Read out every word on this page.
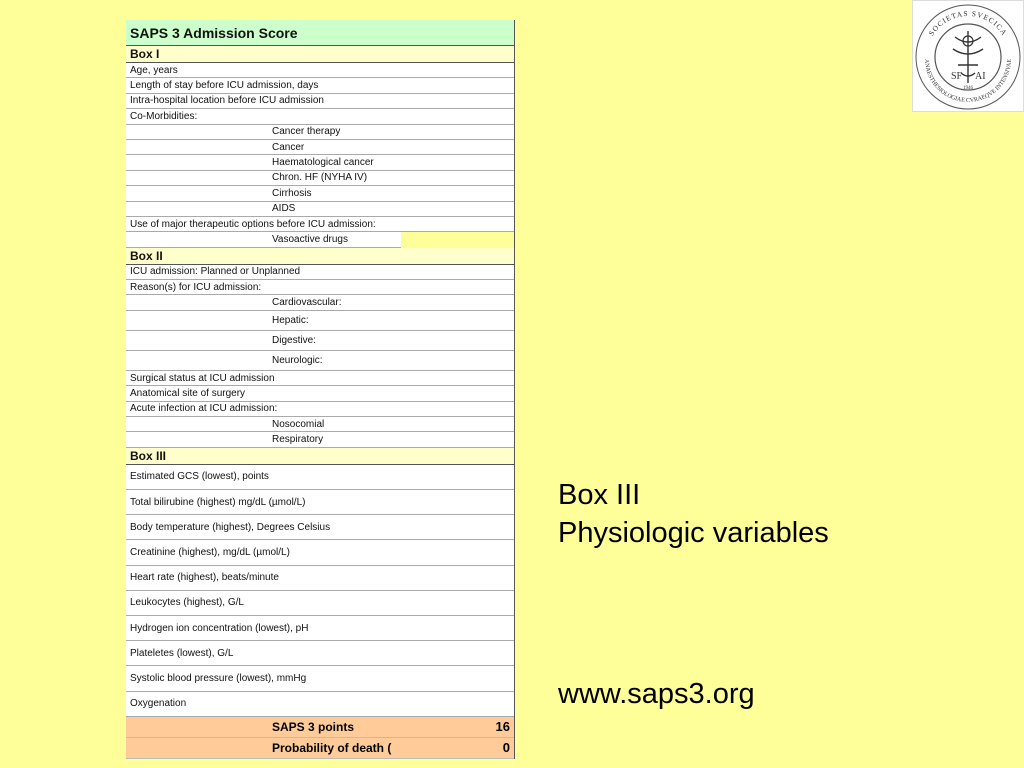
SAPS 3 Admission Score
Box I
Age, years
Length of stay before ICU admission, days
Intra-hospital location before ICU admission
Co-Morbidities:
Cancer therapy
Cancer
Haematological cancer
Chron. HF (NYHA IV)
Cirrhosis
AIDS
Use of major therapeutic options before ICU admission:
Vasoactive drugs
Box II
ICU admission: Planned or Unplanned
Reason(s) for ICU admission:
Cardiovascular:
Hepatic:
Digestive:
Neurologic:
Surgical status at ICU admission
Anatomical site of surgery
Acute infection at ICU admission:
Nosocomial
Respiratory
Box III
Estimated GCS (lowest), points
Total bilirubine (highest) mg/dL (µmol/L)
Body temperature (highest), Degrees Celsius
Creatinine (highest), mg/dL (µmol/L)
Heart rate (highest), beats/minute
Leukocytes (highest), G/L
Hydrogen ion concentration (lowest), pH
Plateletes (lowest), G/L
Systolic blood pressure (lowest), mmHg
Oxygenation
SAPS 3 points	16
Probability of death (	0
Box III
Physiologic variables
www.saps3.org
SOCIETAS SVECICA
ANAESTHESIOLOGIAE CVRAEQVE INTENSIVAE
SF AI
1946
